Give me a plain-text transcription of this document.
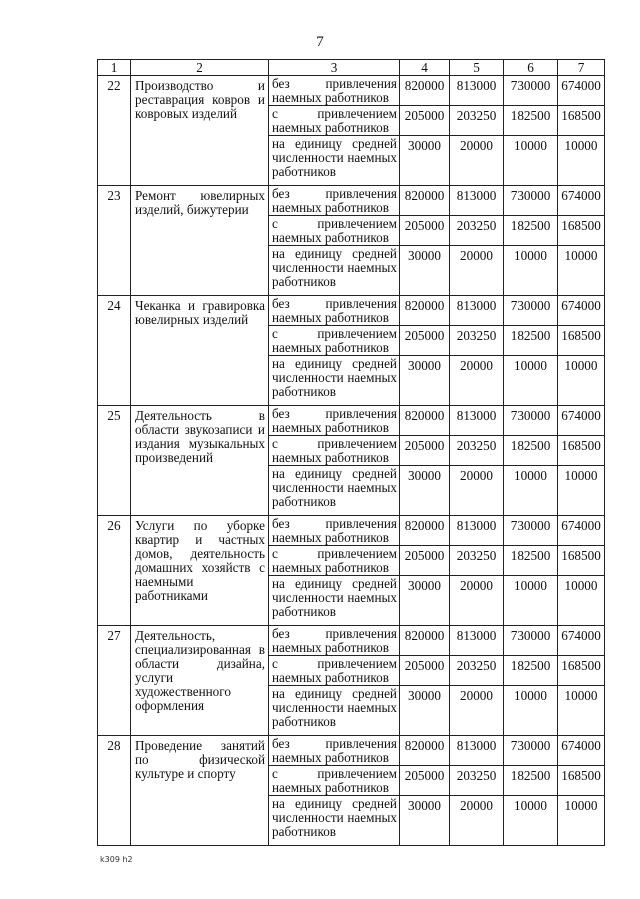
7
1	2	3	4	5	6	7
22	Производство и реставрация ковров и ковровых изделий	без привлечения наемных работников	820000	813000	730000	674000
		с привлечением наемных работников	205000	203250	182500	168500
		на единицу средней численности наемных работников	30000	20000	10000	10000
23	Ремонт ювелирных изделий, бижутерии	без привлечения наемных работников	820000	813000	730000	674000
		с привлечением наемных работников	205000	203250	182500	168500
		на единицу средней численности наемных работников	30000	20000	10000	10000
24	Чеканка и гравировка ювелирных изделий	без привлечения наемных работников	820000	813000	730000	674000
		с привлечением наемных работников	205000	203250	182500	168500
		на единицу средней численности наемных работников	30000	20000	10000	10000
25	Деятельность в области звукозаписи и издания музыкальных произведений	без привлечения наемных работников	820000	813000	730000	674000
		с привлечением наемных работников	205000	203250	182500	168500
		на единицу средней численности наемных работников	30000	20000	10000	10000
26	Услуги по уборке квартир и частных домов, деятельность домашних хозяйств с наемными работниками	без привлечения наемных работников	820000	813000	730000	674000
		с привлечением наемных работников	205000	203250	182500	168500
		на единицу средней численности наемных работников	30000	20000	10000	10000
27	Деятельность, специализированная в области дизайна, услуги художественного оформления	без привлечения наемных работников	820000	813000	730000	674000
		с привлечением наемных работников	205000	203250	182500	168500
		на единицу средней численности наемных работников	30000	20000	10000	10000
28	Проведение занятий по физической культуре и спорту	без привлечения наемных работников	820000	813000	730000	674000
		с привлечением наемных работников	205000	203250	182500	168500
		на единицу средней численности наемных работников	30000	20000	10000	10000
k309 h2
